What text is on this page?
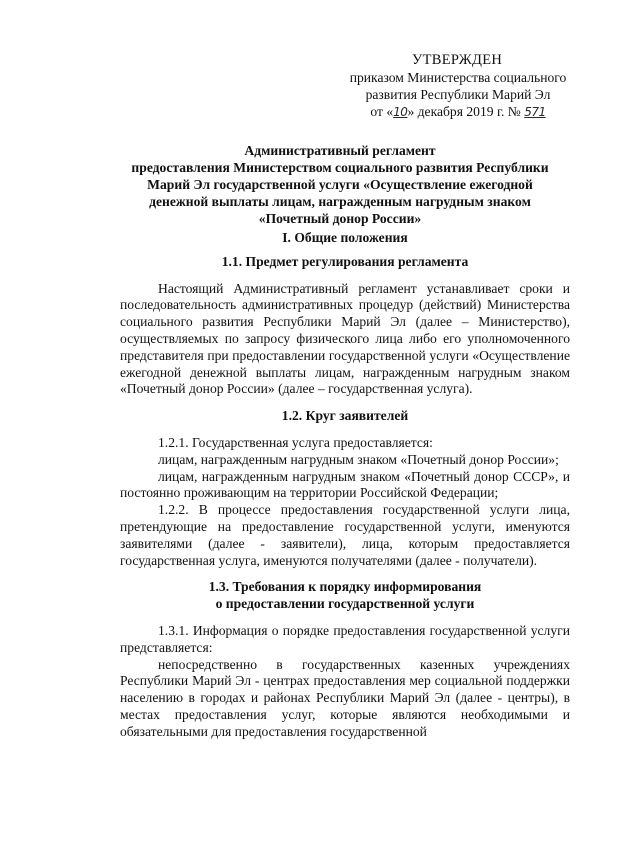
УТВЕРЖДЕН
приказом Министерства социального
развития Республики Марий Эл
от «10» декабря 2019 г. № 571
Административный регламент
предоставления Министерством социального развития Республики
Марий Эл государственной услуги «Осуществление ежегодной
денежной выплаты лицам, награжденным нагрудным знаком
«Почетный донор России»

I. Общие положения

1.1. Предмет регулирования регламента

Настоящий Административный регламент устанавливает сроки и последовательность административных процедур (действий) Министерства социального развития Республики Марий Эл (далее – Министерство), осуществляемых по запросу физического лица либо его уполномоченного представителя при предоставлении государственной услуги «Осуществление ежегодной денежной выплаты лицам, награжденным нагрудным знаком «Почетный донор России» (далее – государственная услуга).

1.2. Круг заявителей

1.2.1. Государственная услуга предоставляется:

лицам, награжденным нагрудным знаком «Почетный донор России»;

лицам, награжденным нагрудным знаком «Почетный донор СССР», и постоянно проживающим на территории Российской Федерации;

1.2.2. В процессе предоставления государственной услуги лица, претендующие на предоставление государственной услуги, именуются заявителями (далее - заявители), лица, которым предоставляется государственная услуга, именуются получателями (далее - получатели).

1.3. Требования к порядку информирования

о предоставлении государственной услуги

1.3.1. Информация о порядке предоставления государственной услуги представляется:

непосредственно в государственных казенных учреждениях Республики Марий Эл - центрах предоставления мер социальной поддержки населению в городах и районах Республики Марий Эл (далее - центры), в местах предоставления услуг, которые являются необходимыми и обязательными для предоставления государственной
